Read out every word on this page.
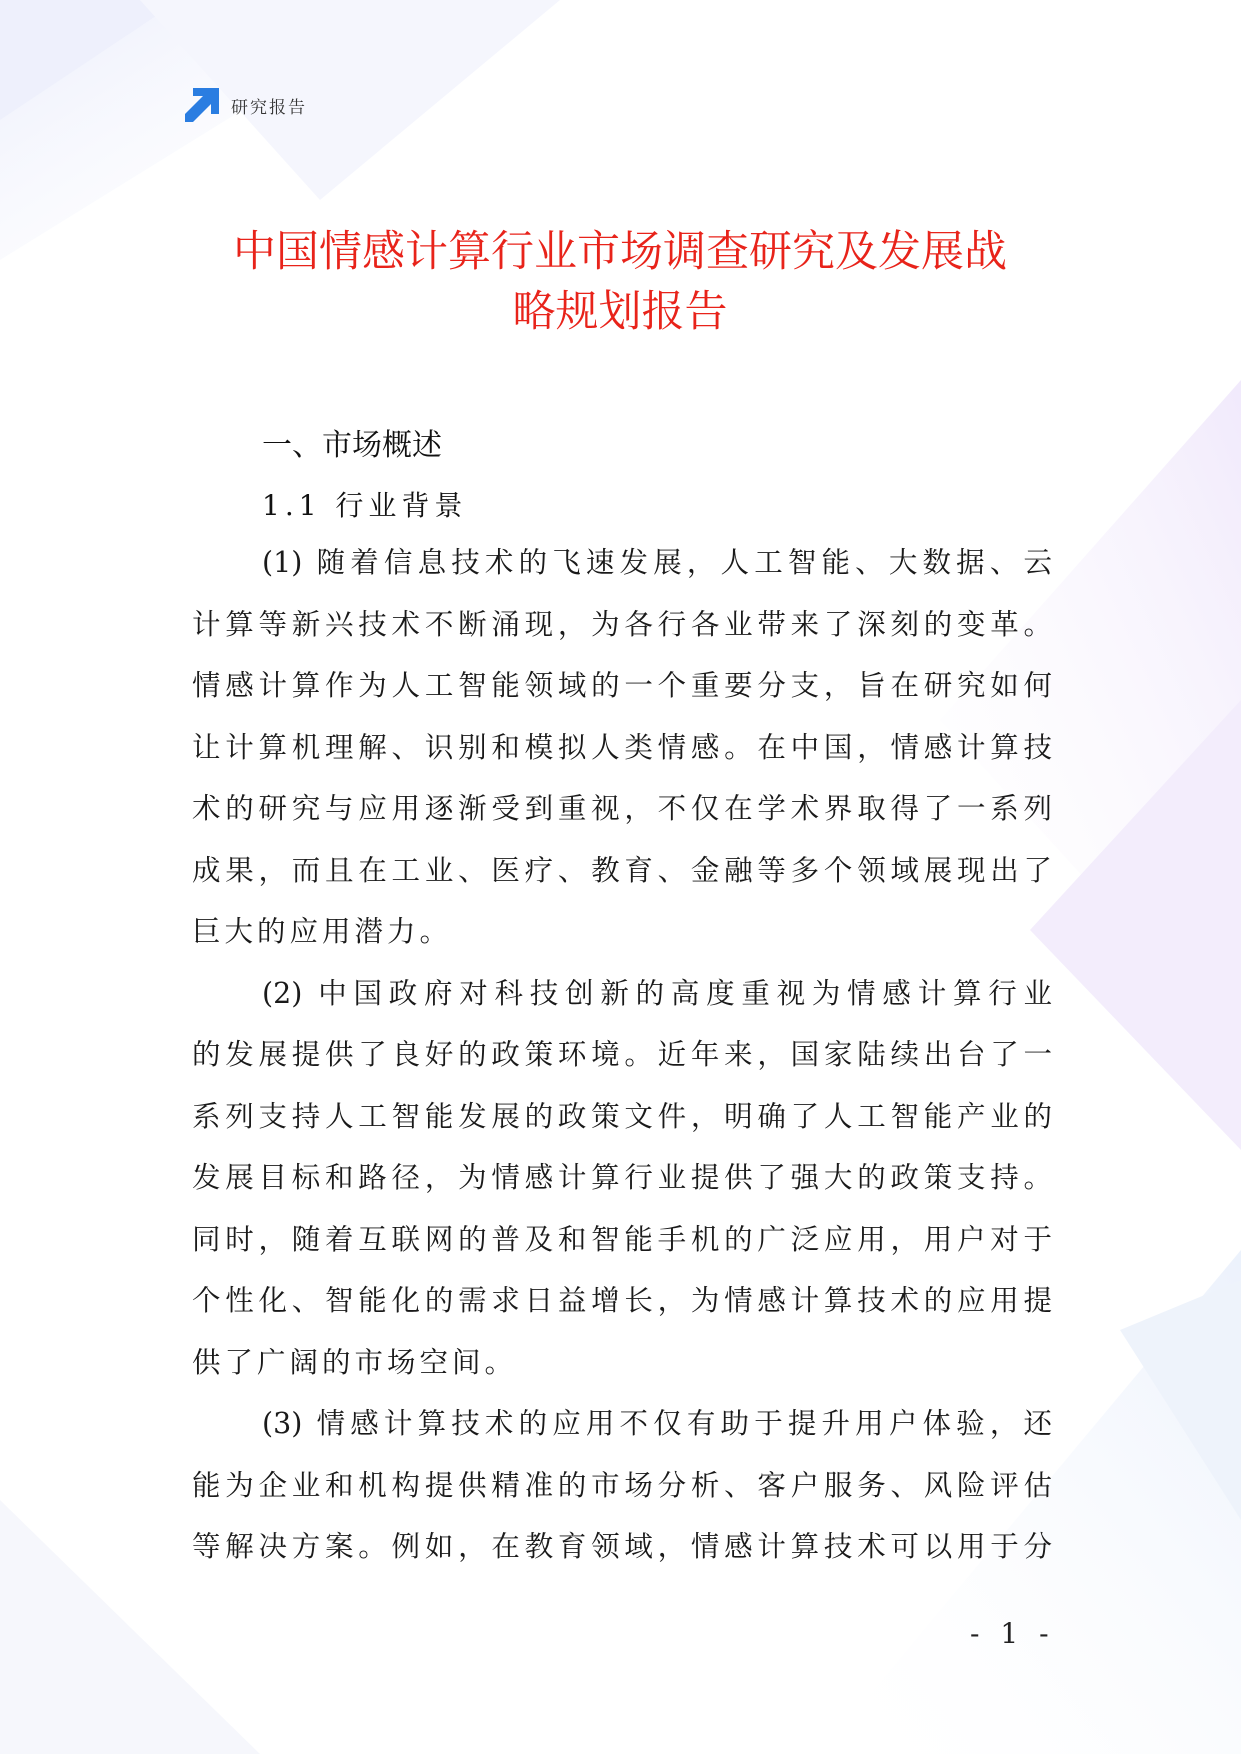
研究报告
中国情感计算行业市场调查研究及发展战
略规划报告
一、市场概述
1.1 行业背景
(1) 随着信息技术的飞速发展，人工智能、大数据、云
计算等新兴技术不断涌现，为各行各业带来了深刻的变革。
情感计算作为人工智能领域的一个重要分支，旨在研究如何
让计算机理解、识别和模拟人类情感。在中国，情感计算技
术的研究与应用逐渐受到重视，不仅在学术界取得了一系列
成果，而且在工业、医疗、教育、金融等多个领域展现出了
巨大的应用潜力。
(2) 中国政府对科技创新的高度重视为情感计算行业
的发展提供了良好的政策环境。近年来，国家陆续出台了一
系列支持人工智能发展的政策文件，明确了人工智能产业的
发展目标和路径，为情感计算行业提供了强大的政策支持。
同时，随着互联网的普及和智能手机的广泛应用，用户对于
个性化、智能化的需求日益增长，为情感计算技术的应用提
供了广阔的市场空间。
(3) 情感计算技术的应用不仅有助于提升用户体验，还
能为企业和机构提供精准的市场分析、客户服务、风险评估
等解决方案。例如，在教育领域，情感计算技术可以用于分
- 1 -
